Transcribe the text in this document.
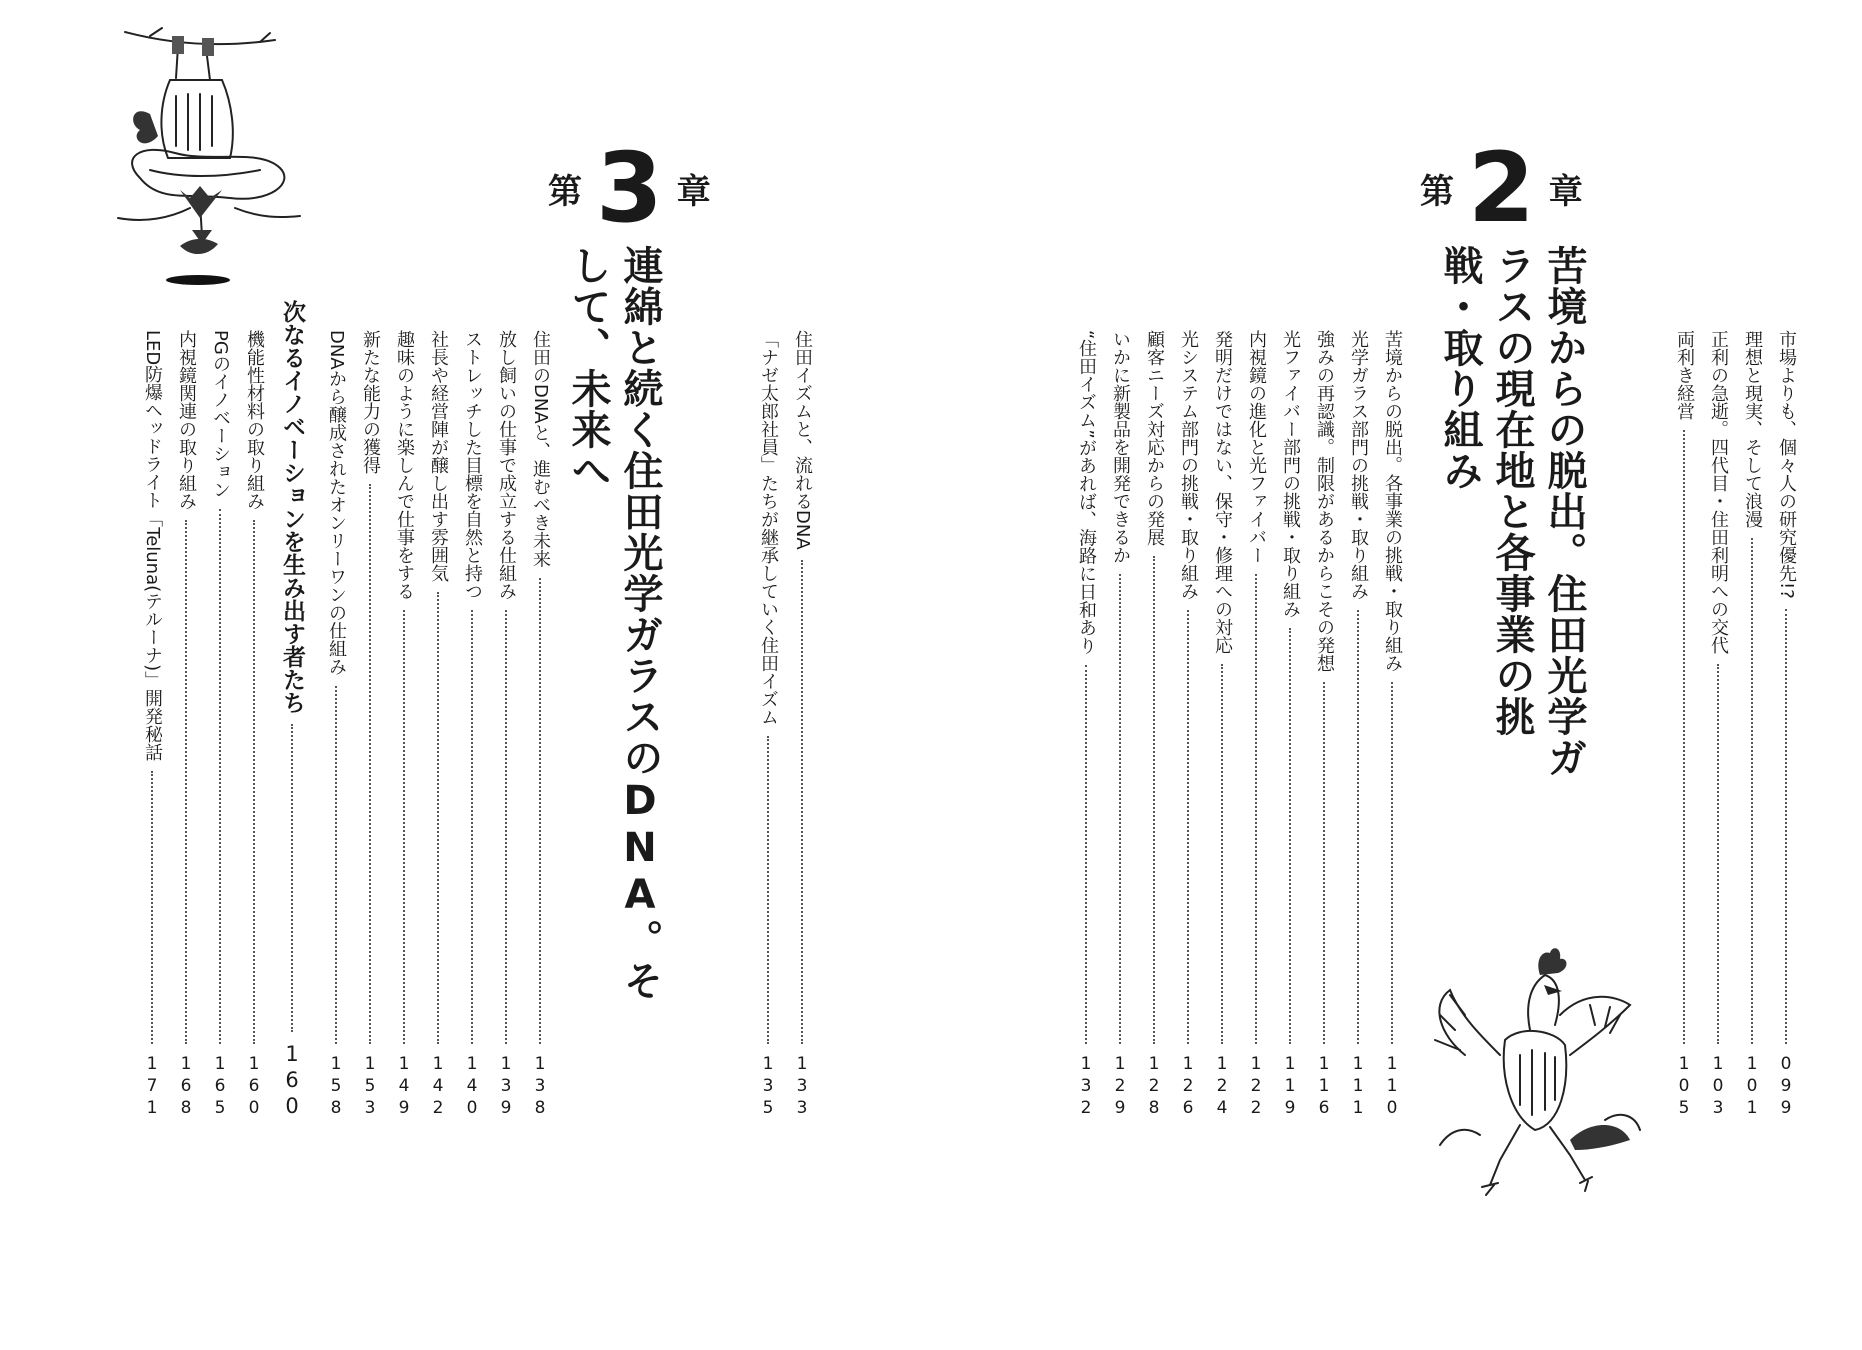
市場よりも、個々人の研究優先!?
099
理想と現実、そして浪漫
101
正利の急逝。四代目・住田利明への交代
103
両利き経営
105
第 2 章
苦境からの脱出。住田光学ガラスの現在地と各事業の挑戦・取り組み
苦境からの脱出。各事業の挑戦・取り組み
110
光学ガラス部門の挑戦・取り組み
111
強みの再認識。制限があるからこその発想
116
光ファイバー部門の挑戦・取り組み
119
内視鏡の進化と光ファイバー
122
発明だけではない、保守・修理への対応
124
光システム部門の挑戦・取り組み
126
顧客ニーズ対応からの発展
128
いかに新製品を開発できるか
129
“住田イズム”があれば、海路に日和あり
132
住田イズムと、流れるDNA
133
「ナゼ太郎社員」たちが継承していく住田イズム
135
第 3 章
連綿と続く住田光学ガラスのDNA。そして、未来へ
住田のDNAと、進むべき未来
138
放し飼いの仕事で成立する仕組み
139
ストレッチした目標を自然と持つ
140
社長や経営陣が醸し出す雰囲気
142
趣味のように楽しんで仕事をする
149
新たな能力の獲得
153
DNAから醸成されたオンリーワンの仕組み
158
次なるイノベーションを生み出す者たち
160
機能性材料の取り組み
160
PGのイノベーション
165
内視鏡関連の取り組み
168
LED防爆ヘッドライト「Teluna(テルーナ)」開発秘話
171
